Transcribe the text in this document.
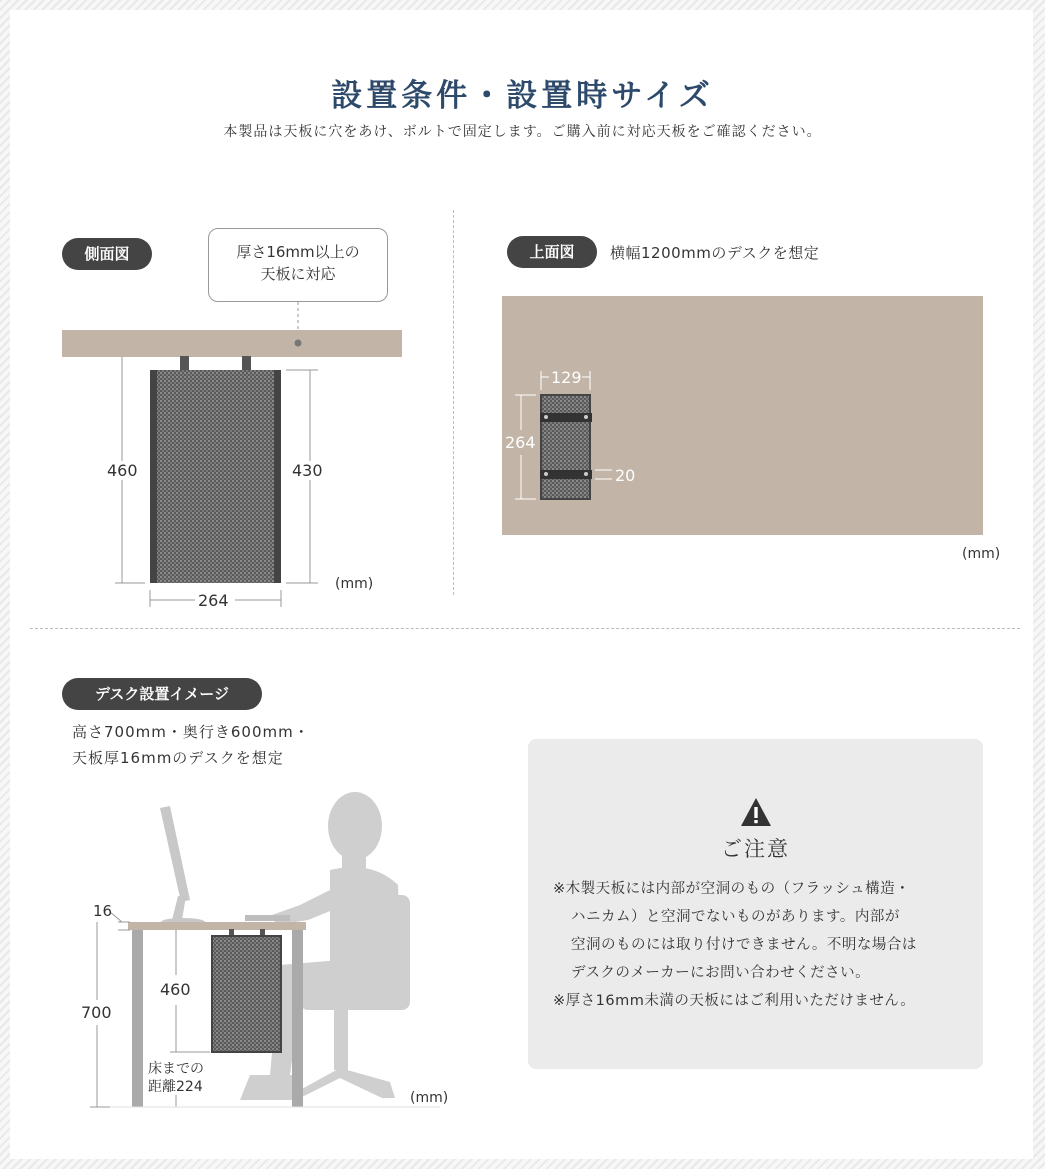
設置条件・設置時サイズ
本製品は天板に穴をあけ、ボルトで固定します。ご購入前に対応天板をご確認ください。
側面図	厚さ16mm以上の
天板に対応
460	430
264
(mm)
上面図	横幅1200mmのデスクを想定
129
264
20
(mm)
デスク設置イメージ
高さ700mm・奥行き600mm・
天板厚16mmのデスクを想定
16
700
460
床までの
距離224
(mm)
ご注意
※木製天板には内部が空洞のもの（フラッシュ構造・
ハニカム）と空洞でないものがあります。内部が
空洞のものには取り付けできません。不明な場合は
デスクのメーカーにお問い合わせください。
※厚さ16mm未満の天板にはご利用いただけません。
